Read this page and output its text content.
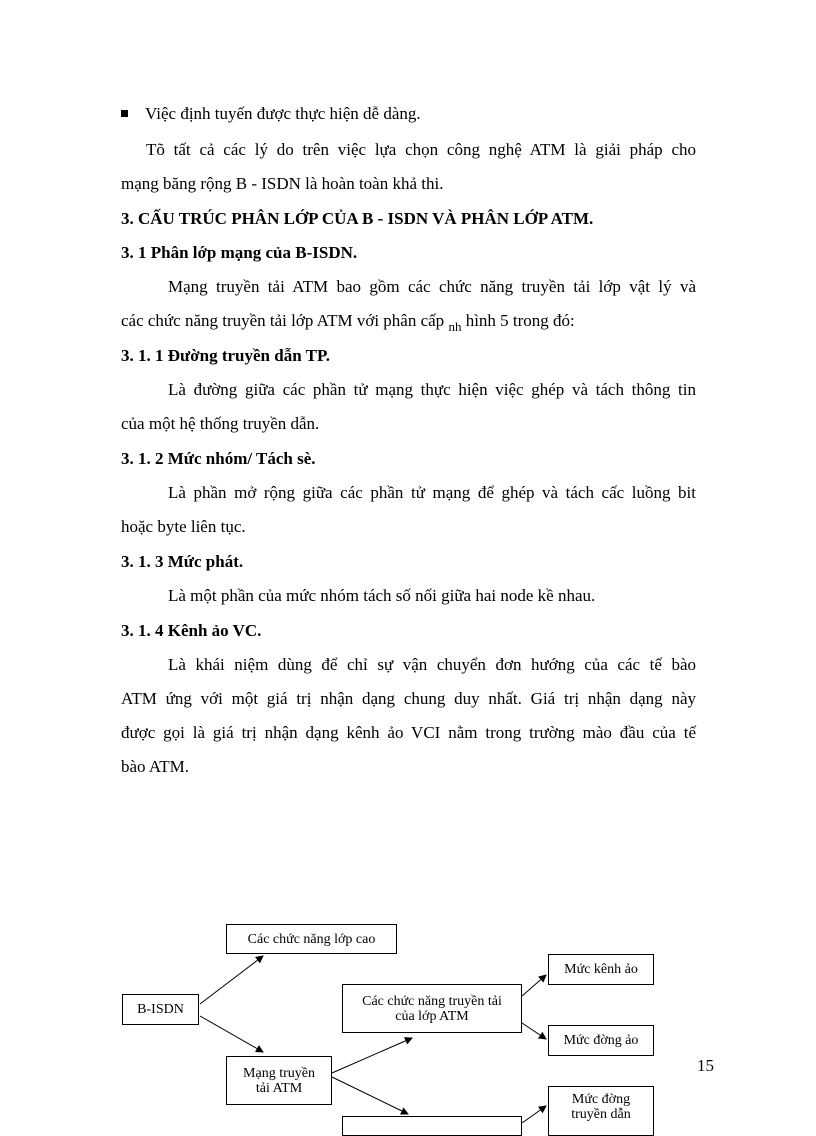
Việc định tuyến được thực hiện dễ dàng.
Tõ tất cả các lý do trên việc lựa chọn công nghệ ATM là giải pháp cho
mạng băng rộng B - ISDN là hoàn toàn khả thi.
3. CẤU TRÚC PHÂN LỚP CỦA B - ISDN VÀ PHÂN LỚP ATM.
3. 1 Phân lớp mạng của B-ISDN.
Mạng truyền tải ATM bao gồm các chức năng truyền tải lớp vật lý và
các chức năng truyền tải lớp ATM với phân cấp $_{nh}$ hình 5 trong đó:
3. 1. 1 Đường truyền dẫn TP.
Là đường giữa các phần tử mạng thực hiện việc ghép và tách thông tin
của một hệ thống truyền dẫn.
3. 1. 2 Mức nhóm/ Tách sè.
Là phần mở rộng giữa các phần tử mạng để ghép và tách cấc luồng bit
hoặc byte liên tục.
3. 1. 3 Mức phát.
Là một phần của mức nhóm tách số nối giữa hai node kề nhau.
3. 1. 4 Kênh ảo VC.
Là khái niệm dùng để chỉ sự vận chuyển đơn hướng của các tế bào
ATM ứng với một giá trị nhận dạng chung duy nhất. Giá trị nhận dạng này
được gọi là giá trị nhận dạng kênh ảo VCI nằm trong trường mào đầu của tế
bào ATM.
B-ISDN
Các chức năng lớp cao
Mạng truyền
tải ATM
Các chức năng truyền tải
của lớp ATM
Mức kênh ảo
Mức đờng ảo
Mức đờng
truyền dẫn
15
